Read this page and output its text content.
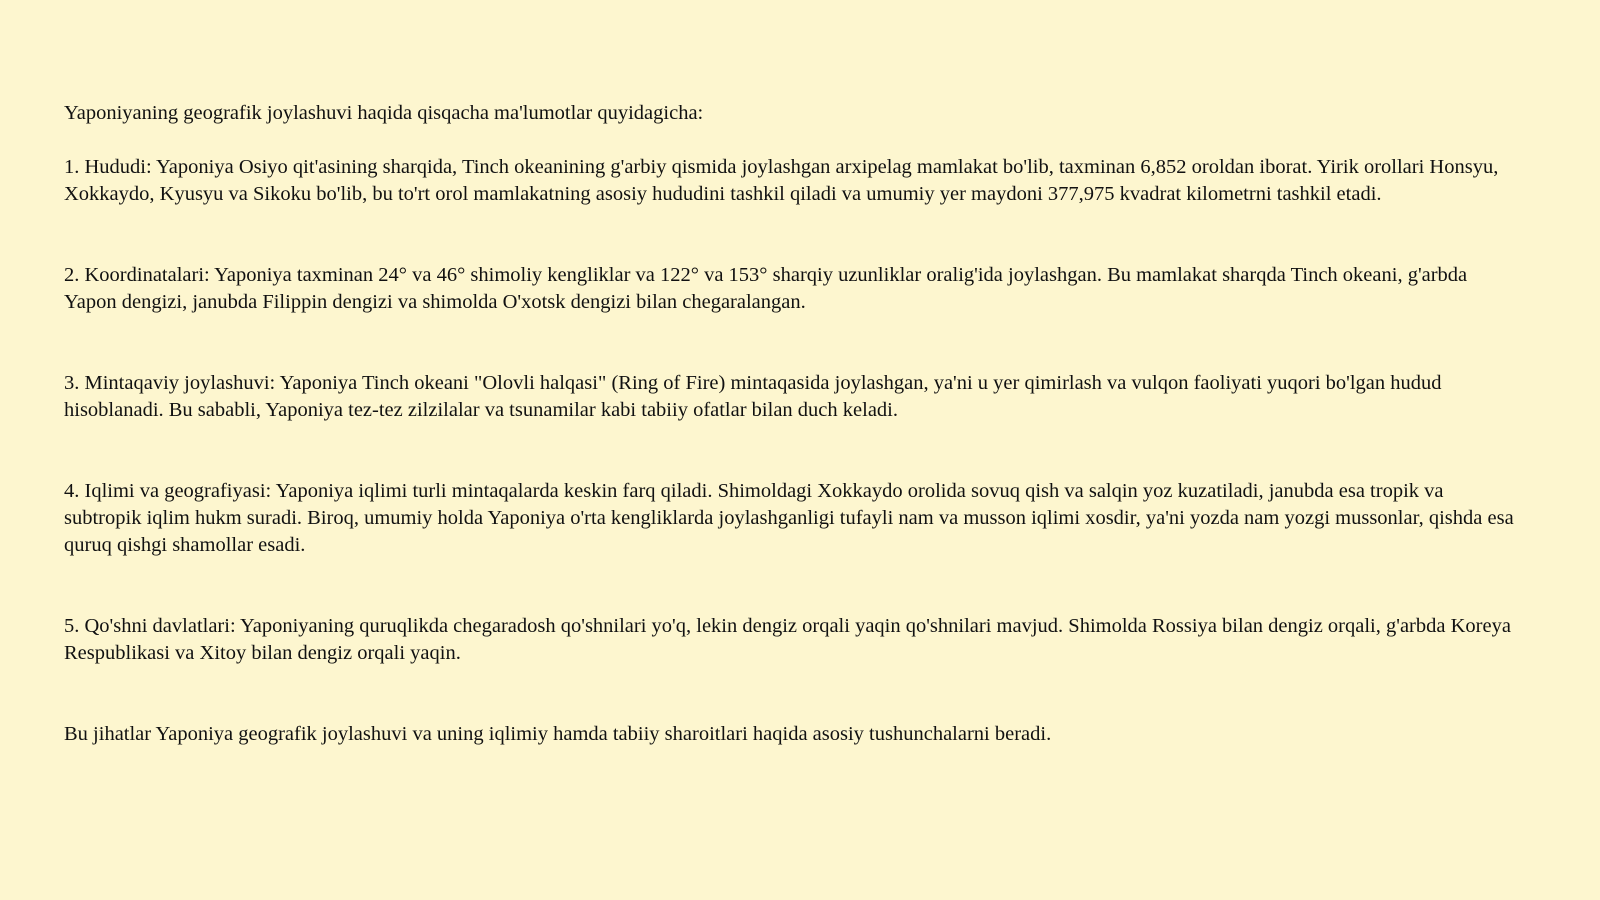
Yaponiyaning geografik joylashuvi haqida qisqacha ma'lumotlar quyidagicha:

1. Hududi: Yaponiya Osiyo qit'asining sharqida, Tinch okeanining g'arbiy qismida joylashgan arxipelag mamlakat bo'lib, taxminan 6,852 oroldan iborat. Yirik orollari Honsyu, Xokkaydo, Kyusyu va Sikoku bo'lib, bu to'rt orol mamlakatning asosiy hududini tashkil qiladi va umumiy yer maydoni 377,975 kvadrat kilometrni tashkil etadi.

2. Koordinatalari: Yaponiya taxminan 24° va 46° shimoliy kengliklar va 122° va 153° sharqiy uzunliklar oralig'ida joylashgan. Bu mamlakat sharqda Tinch okeani, g'arbda Yapon dengizi, janubda Filippin dengizi va shimolda O'xotsk dengizi bilan chegaralangan.

3. Mintaqaviy joylashuvi: Yaponiya Tinch okeani "Olovli halqasi" (Ring of Fire) mintaqasida joylashgan, ya'ni u yer qimirlash va vulqon faoliyati yuqori bo'lgan hudud hisoblanadi. Bu sababli, Yaponiya tez-tez zilzilalar va tsunamilar kabi tabiiy ofatlar bilan duch keladi.

4. Iqlimi va geografiyasi: Yaponiya iqlimi turli mintaqalarda keskin farq qiladi. Shimoldagi Xokkaydo orolida sovuq qish va salqin yoz kuzatiladi, janubda esa tropik va subtropik iqlim hukm suradi. Biroq, umumiy holda Yaponiya o'rta kengliklarda joylashganligi tufayli nam va musson iqlimi xosdir, ya'ni yozda nam yozgi mussonlar, qishda esa quruq qishgi shamollar esadi.

5. Qo'shni davlatlari: Yaponiyaning quruqlikda chegaradosh qo'shnilari yo'q, lekin dengiz orqali yaqin qo'shnilari mavjud. Shimolda Rossiya bilan dengiz orqali, g'arbda Koreya Respublikasi va Xitoy bilan dengiz orqali yaqin.

Bu jihatlar Yaponiya geografik joylashuvi va uning iqlimiy hamda tabiiy sharoitlari haqida asosiy tushunchalarni beradi.
